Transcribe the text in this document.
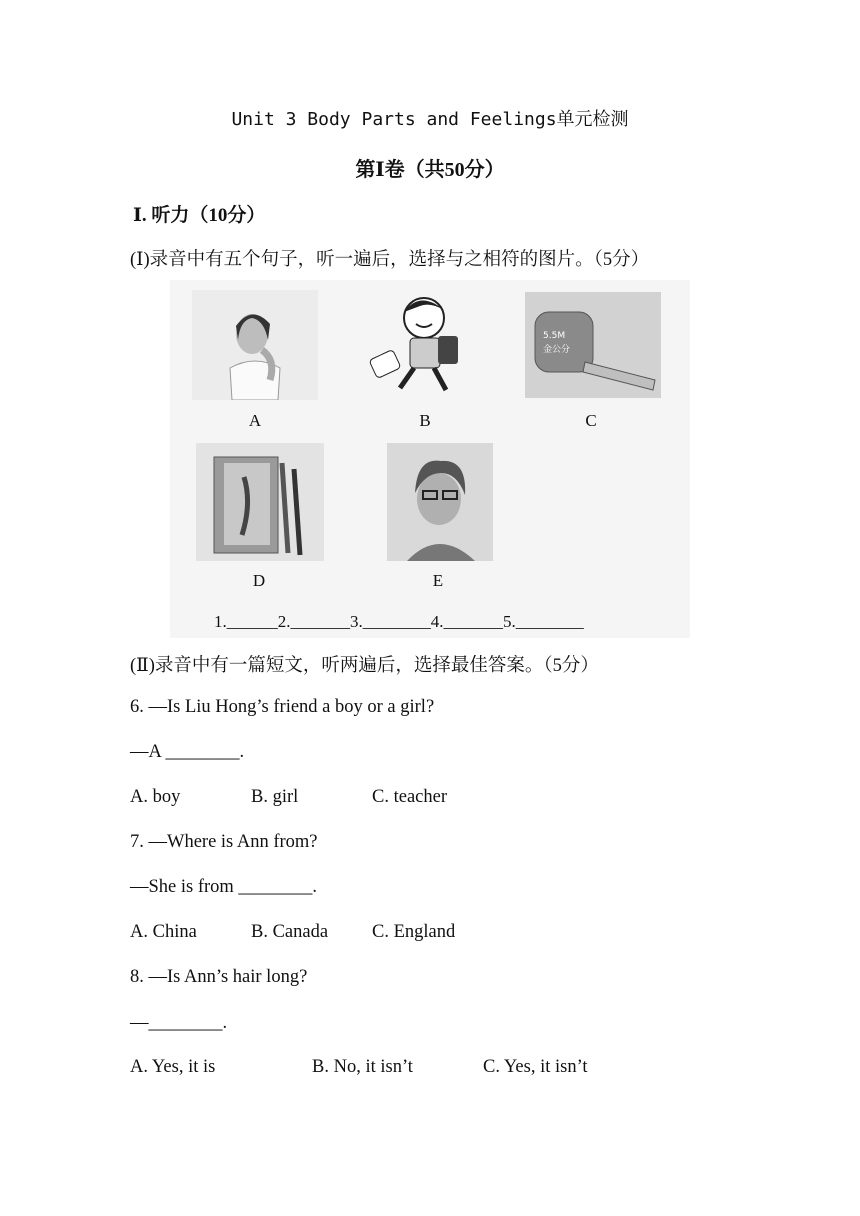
Unit 3 Body Parts and Feelings单元检测
第Ⅰ卷（共50分）
Ⅰ. 听力（10分）
(Ⅰ)录音中有五个句子，听一遍后，选择与之相符的图片。（5分）
A	B
5.5M
金公分
C
D	E
1.______2._______3.________4._______5.________
(Ⅱ)录音中有一篇短文，听两遍后，选择最佳答案。（5分）
6. —Is Liu Hong’s friend a boy or a girl?
—A ________.

A. boy

	B. girl

	C. teacher

7. —Where is Ann from?
—She is from ________.

A. China

	B. Canada

C. England

8. —Is Ann’s hair long?
—________.

A. Yes, it is

	B. No, it isn’t

	C. Yes, it isn’t
